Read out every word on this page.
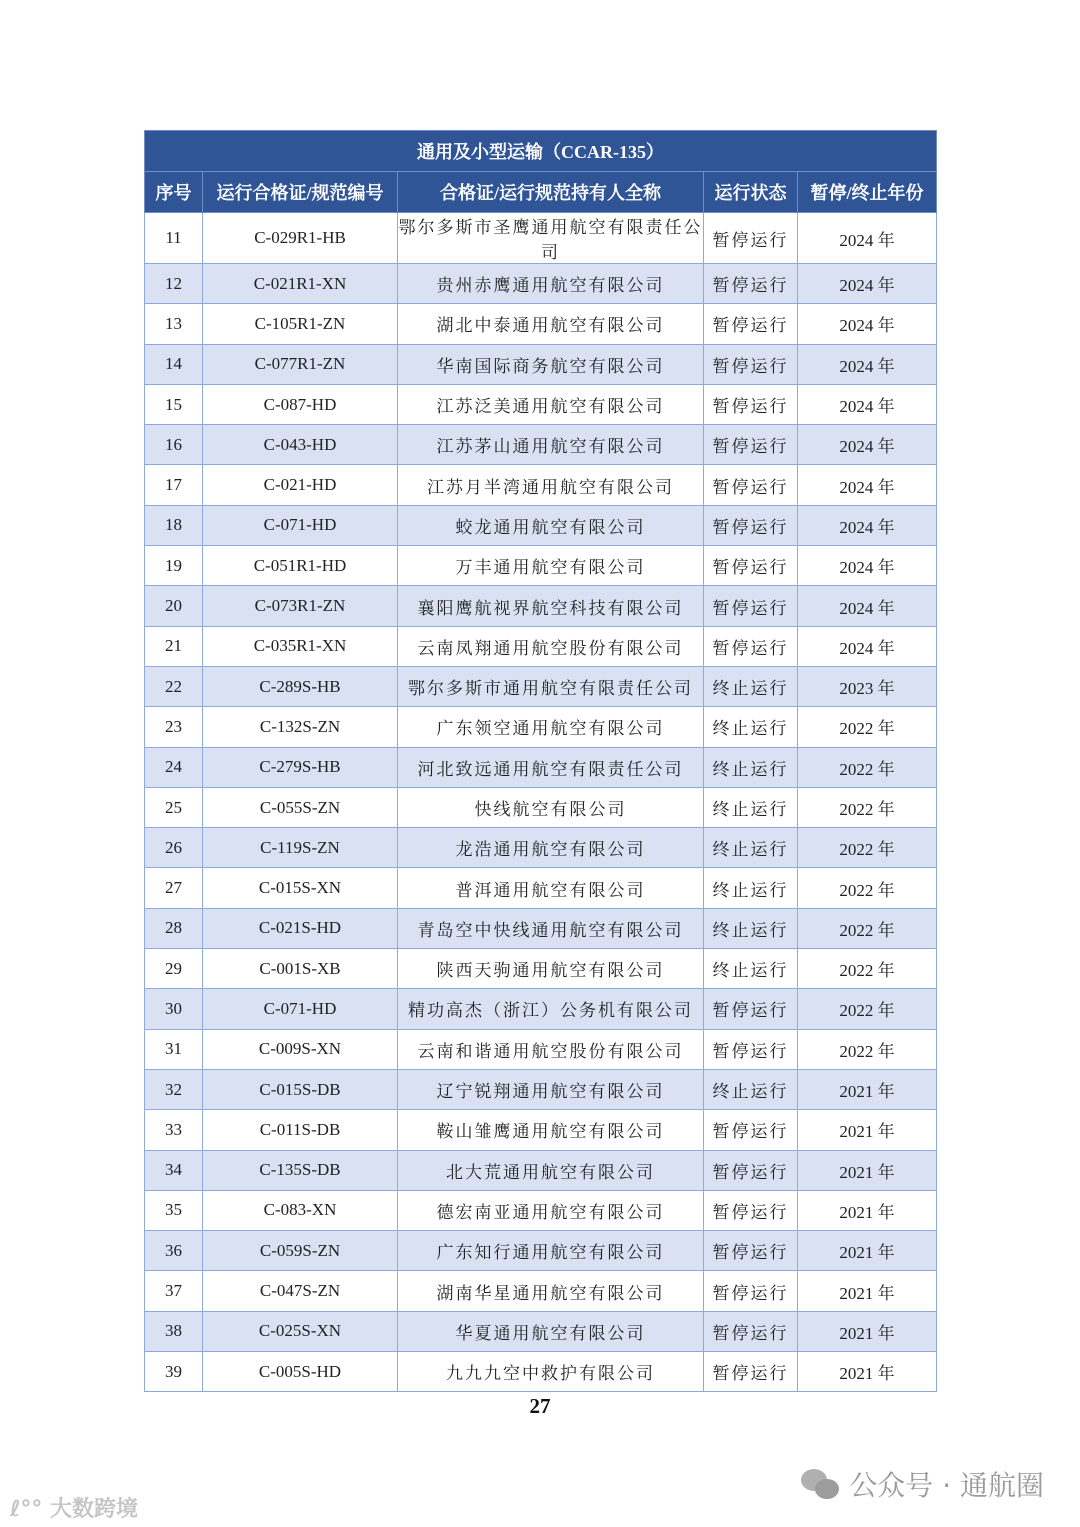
通用及小型运输（CCAR-135）				
序号	运行合格证/规范编号	合格证/运行规范持有人全称	运行状态	暂停/终止年份
11	C-029R1-HB	鄂尔多斯市圣鹰通用航空有限责任公司	暂停运行	2024 年
12	C-021R1-XN	贵州赤鹰通用航空有限公司	暂停运行	2024 年
13	C-105R1-ZN	湖北中泰通用航空有限公司	暂停运行	2024 年
14	C-077R1-ZN	华南国际商务航空有限公司	暂停运行	2024 年
15	C-087-HD	江苏泛美通用航空有限公司	暂停运行	2024 年
16	C-043-HD	江苏茅山通用航空有限公司	暂停运行	2024 年
17	C-021-HD	江苏月半湾通用航空有限公司	暂停运行	2024 年
18	C-071-HD	蛟龙通用航空有限公司	暂停运行	2024 年
19	C-051R1-HD	万丰通用航空有限公司	暂停运行	2024 年
20	C-073R1-ZN	襄阳鹰航视界航空科技有限公司	暂停运行	2024 年
21	C-035R1-XN	云南凤翔通用航空股份有限公司	暂停运行	2024 年
22	C-289S-HB	鄂尔多斯市通用航空有限责任公司	终止运行	2023 年
23	C-132S-ZN	广东领空通用航空有限公司	终止运行	2022 年
24	C-279S-HB	河北致远通用航空有限责任公司	终止运行	2022 年
25	C-055S-ZN	快线航空有限公司	终止运行	2022 年
26	C-119S-ZN	龙浩通用航空有限公司	终止运行	2022 年
27	C-015S-XN	普洱通用航空有限公司	终止运行	2022 年
28	C-021S-HD	青岛空中快线通用航空有限公司	终止运行	2022 年
29	C-001S-XB	陕西天驹通用航空有限公司	终止运行	2022 年
30	C-071-HD	精功高杰（浙江）公务机有限公司	暂停运行	2022 年
31	C-009S-XN	云南和谐通用航空股份有限公司	暂停运行	2022 年
32	C-015S-DB	辽宁锐翔通用航空有限公司	终止运行	2021 年
33	C-011S-DB	鞍山雏鹰通用航空有限公司	暂停运行	2021 年
34	C-135S-DB	北大荒通用航空有限公司	暂停运行	2021 年
35	C-083-XN	德宏南亚通用航空有限公司	暂停运行	2021 年
36	C-059S-ZN	广东知行通用航空有限公司	暂停运行	2021 年
37	C-047S-ZN	湖南华星通用航空有限公司	暂停运行	2021 年
38	C-025S-XN	华夏通用航空有限公司	暂停运行	2021 年
39	C-005S-HD	九九九空中救护有限公司	暂停运行	2021 年
27
公众号 · 通航圈
ℓ°° 大数跨境
